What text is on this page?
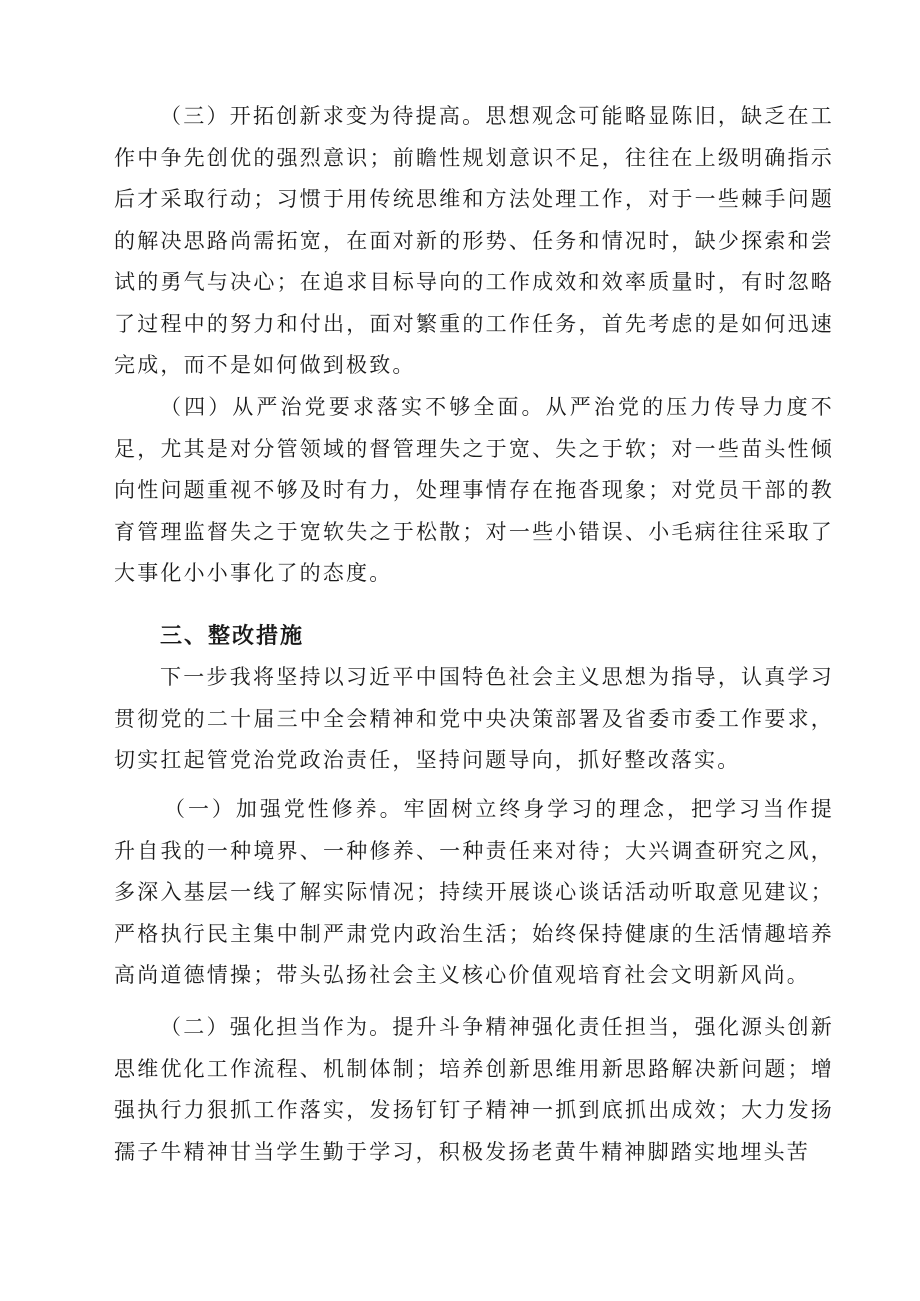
（三）开拓创新求变为待提高。思想观念可能略显陈旧，缺乏在工作中争先创优的强烈意识；前瞻性规划意识不足，往往在上级明确指示后才采取行动；习惯于用传统思维和方法处理工作，对于一些棘手问题的解决思路尚需拓宽，在面对新的形势、任务和情况时，缺少探索和尝试的勇气与决心；在追求目标导向的工作成效和效率质量时，有时忽略了过程中的努力和付出，面对繁重的工作任务，首先考虑的是如何迅速完成，而不是如何做到极致。

（四）从严治党要求落实不够全面。从严治党的压力传导力度不足，尤其是对分管领域的督管理失之于宽、失之于软；对一些苗头性倾向性问题重视不够及时有力，处理事情存在拖沓现象；对党员干部的教育管理监督失之于宽软失之于松散；对一些小错误、小毛病往往采取了大事化小小事化了的态度。

三、整改措施

下一步我将坚持以习近平中国特色社会主义思想为指导，认真学习贯彻党的二十届三中全会精神和党中央决策部署及省委市委工作要求，切实扛起管党治党政治责任，坚持问题导向，抓好整改落实。

（一）加强党性修养。牢固树立终身学习的理念，把学习当作提升自我的一种境界、一种修养、一种责任来对待；大兴调查研究之风，多深入基层一线了解实际情况；持续开展谈心谈话活动听取意见建议；严格执行民主集中制严肃党内政治生活；始终保持健康的生活情趣培养高尚道德情操；带头弘扬社会主义核心价值观培育社会文明新风尚。

（二）强化担当作为。提升斗争精神强化责任担当，强化源头创新思维优化工作流程、机制体制；培养创新思维用新思路解决新问题；增强执行力狠抓工作落实，发扬钉钉子精神一抓到底抓出成效；大力发扬孺子牛精神甘当学生勤于学习，积极发扬老黄牛精神脚踏实地埋头苦
